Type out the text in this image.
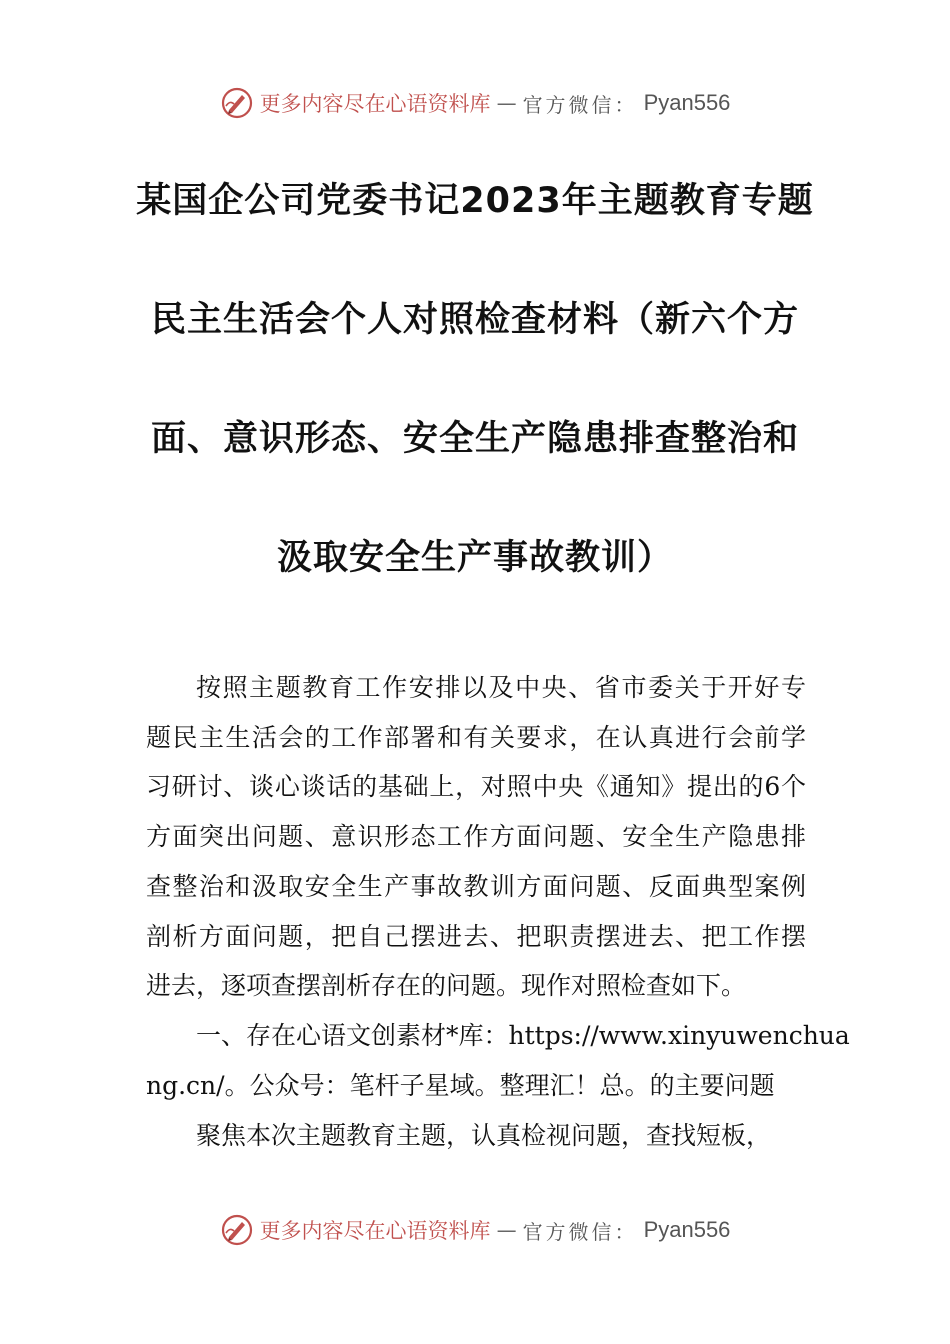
更多内容尽在心语资料库 — 官方微信： Pyan556
某国企公司党委书记2023年主题教育专题
民主生活会个人对照检查材料（新六个方
面、意识形态、安全生产隐患排查整治和
汲取安全生产事故教训）
按照主题教育工作安排以及中央、省市委关于开好专
题民主生活会的工作部署和有关要求，在认真进行会前学
习研讨、谈心谈话的基础上，对照中央《通知》提出的6个
方面突出问题、意识形态工作方面问题、安全生产隐患排
查整治和汲取安全生产事故教训方面问题、反面典型案例
剖析方面问题，把自己摆进去、把职责摆进去、把工作摆
进去，逐项查摆剖析存在的问题。现作对照检查如下。
一、存在心语文创素材*库：https://www.xinyuwenchua
ng.cn/。公众号：笔杆子星域。整理汇！总。的主要问题
聚焦本次主题教育主题，认真检视问题，查找短板，
更多内容尽在心语资料库 — 官方微信： Pyan556
